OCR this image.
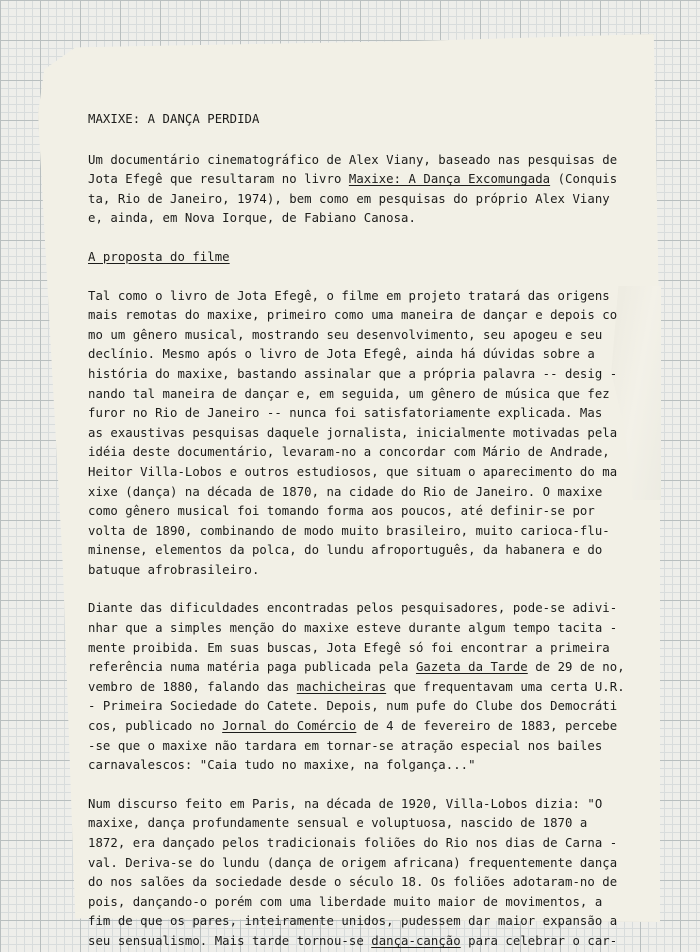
MAXIXE: A DANÇA PERDIDA
Um documentário cinematográfico de Alex Viany, baseado nas pesquisas de
Jota Efegê que resultaram no livro Maxixe: A Dança Excomungada (Conquis
ta, Rio de Janeiro, 1974), bem como em pesquisas do próprio Alex Viany
e, ainda, em Nova Iorque, de Fabiano Canosa.
A proposta do filme
Tal como o livro de Jota Efegê, o filme em projeto tratará das origens
mais remotas do maxixe, primeiro como uma maneira de dançar e depois co
mo um gênero musical, mostrando seu desenvolvimento, seu apogeu e seu
declínio. Mesmo após o livro de Jota Efegê, ainda há dúvidas sobre a
história do maxixe, bastando assinalar que a própria palavra -- desig -
nando tal maneira de dançar e, em seguida, um gênero de música que fez
furor no Rio de Janeiro -- nunca foi satisfatoriamente explicada. Mas
as exaustivas pesquisas daquele jornalista, inicialmente motivadas pela
idéia deste documentário, levaram-no a concordar com Mário de Andrade,
Heitor Villa-Lobos e outros estudiosos, que situam o aparecimento do ma
xixe (dança) na década de 1870, na cidade do Rio de Janeiro. O maxixe
como gênero musical foi tomando forma aos poucos, até definir-se por
volta de 1890, combinando de modo muito brasileiro, muito carioca-flu-
minense, elementos da polca, do lundu afroportuguês, da habanera e do
batuque afrobrasileiro.
Diante das dificuldades encontradas pelos pesquisadores, pode-se adivi-
nhar que a simples menção do maxixe esteve durante algum tempo tacita -
mente proibida. Em suas buscas, Jota Efegê só foi encontrar a primeira
referência numa matéria paga publicada pela Gazeta da Tarde de 29 de no,
vembro de 1880, falando das machicheiras que frequentavam uma certa U.R.
- Primeira Sociedade do Catete. Depois, num pufe do Clube dos Democráti
cos, publicado no Jornal do Comércio de 4 de fevereiro de 1883, percebe
-se que o maxixe não tardara em tornar-se atração especial nos bailes
carnavalescos: "Caia tudo no maxixe, na folgança..."
Num discurso feito em Paris, na década de 1920, Villa-Lobos dizia: "O
maxixe, dança profundamente sensual e voluptuosa, nascido de 1870 a
1872, era dançado pelos tradicionais foliões do Rio nos dias de Carna -
val. Deriva-se do lundu (dança de origem africana) frequentemente dança
do nos salões da sociedade desde o século 18. Os foliões adotaram-no de
pois, dançando-o porém com uma liberdade muito maior de movimentos, a
fim de que os pares, inteiramente unidos, pudessem dar maior expansão a
seu sensualismo. Mais tarde tornou-se dança-canção para celebrar o car-
